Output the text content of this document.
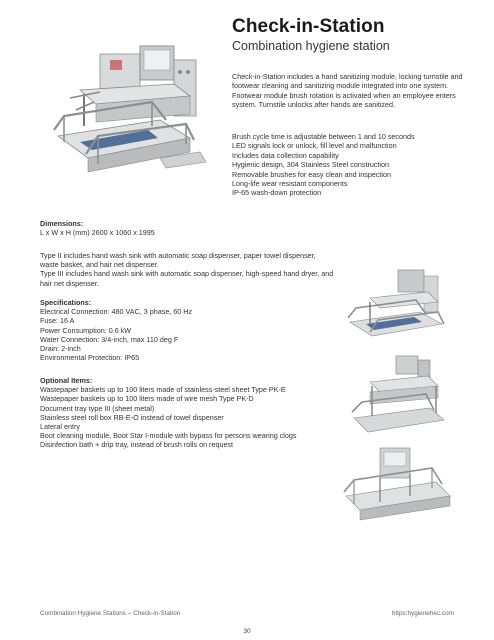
Check-in-Station
Combination hygiene station
Check-in-Station includes a hand sanitizing module, locking turnstile and footwear cleaning and sanitizing module integrated into one system. Footwear module brush rotation is activated when an employee enters system. Turnstile unlocks after hands are sanitized.
Brush cycle time is adjustable between 1 and 10 seconds
LED signals lock or unlock, fill level and malfunction
Includes data collection capability
Hygienic design, 304 Stainless Steel construction
Removable brushes for easy clean and inspection
Long-life wear resistant components
IP-65 wash-down protection
Dimensions:
L x W x H (mm) 2600 x 1060 x 1995
Type II includes hand wash sink with automatic soap dispenser, paper towel dispenser, waste basket, and hair net dispenser.
Type III includes hand wash sink with automatic soap dispenser, high-speed hand dryer, and hair net dispenser.
Specifications:
Electrical Connection: 480 VAC, 3 phase, 60 Hz
Fuse: 16 A
Power Consumption: 0.6 kW
Water Connection: 3/4-inch, max 110 deg F
Drain: 2-inch
Environmental Protection: IP65
Optional Items:
Wastepaper baskets up to 100 liters made of stainless-steel sheet Type PK-E
Wastepaper baskets up to 100 liters made of wire mesh Type PK-D
Document tray type III (sheet metal)
Stainless steel roll box RB-E-O instead of towel dispenser
Lateral entry
Boot cleaning module, Boot Star I-module with bypass for persons wearing clogs
Disinfection bath + drip tray, instead of brush rolls on request
Combination Hygiene Stations – Check-in-Station	https:hygienehec.com
30
